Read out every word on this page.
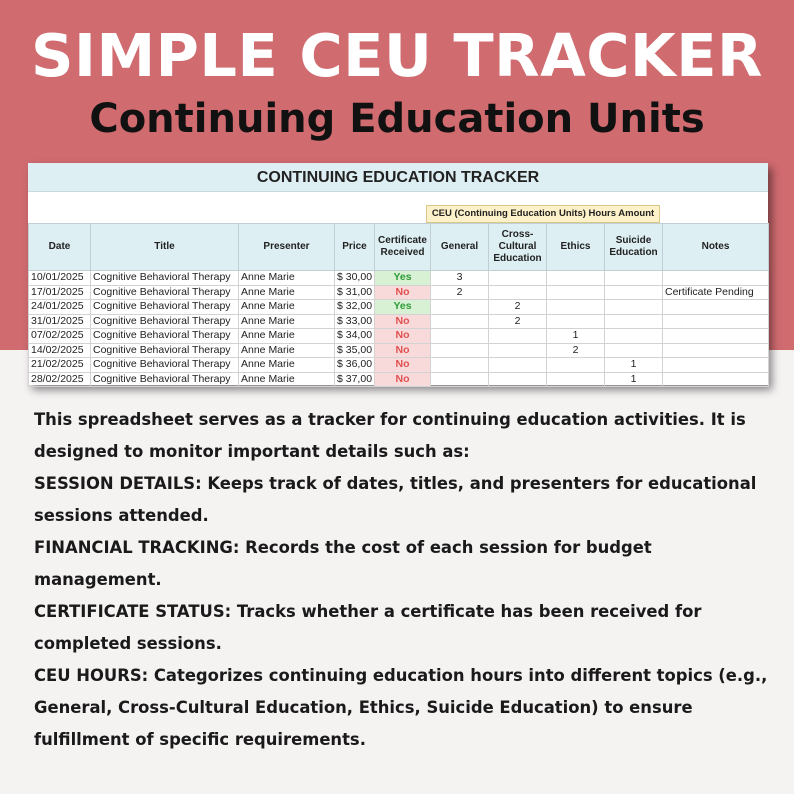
SIMPLE CEU TRACKER
Continuing Education Units
CONTINUING EDUCATION TRACKER
CEU (Continuing Education Units) Hours Amount
Date	Title	Presenter	Price	Certificate Received	General	Cross-Cultural Education	Ethics	Suicide Education	Notes
10/01/2025	Cognitive Behavioral Therapy	Anne Marie	$ 30,00	Yes	3				
17/01/2025	Cognitive Behavioral Therapy	Anne Marie	$ 31,00	No	2				Certificate Pending
24/01/2025	Cognitive Behavioral Therapy	Anne Marie	$ 32,00	Yes		2			
31/01/2025	Cognitive Behavioral Therapy	Anne Marie	$ 33,00	No		2			
07/02/2025	Cognitive Behavioral Therapy	Anne Marie	$ 34,00	No			1		
14/02/2025	Cognitive Behavioral Therapy	Anne Marie	$ 35,00	No			2		
21/02/2025	Cognitive Behavioral Therapy	Anne Marie	$ 36,00	No				1	
28/02/2025	Cognitive Behavioral Therapy	Anne Marie	$ 37,00	No				1	

This spreadsheet serves as a tracker for continuing education activities. It is designed to monitor important details such as:

SESSION DETAILS: Keeps track of dates, titles, and presenters for educational sessions attended.

FINANCIAL TRACKING: Records the cost of each session for budget management.

CERTIFICATE STATUS: Tracks whether a certificate has been received for completed sessions.

CEU HOURS: Categorizes continuing education hours into different topics (e.g., General, Cross-Cultural Education, Ethics, Suicide Education) to ensure fulfillment of specific requirements.
